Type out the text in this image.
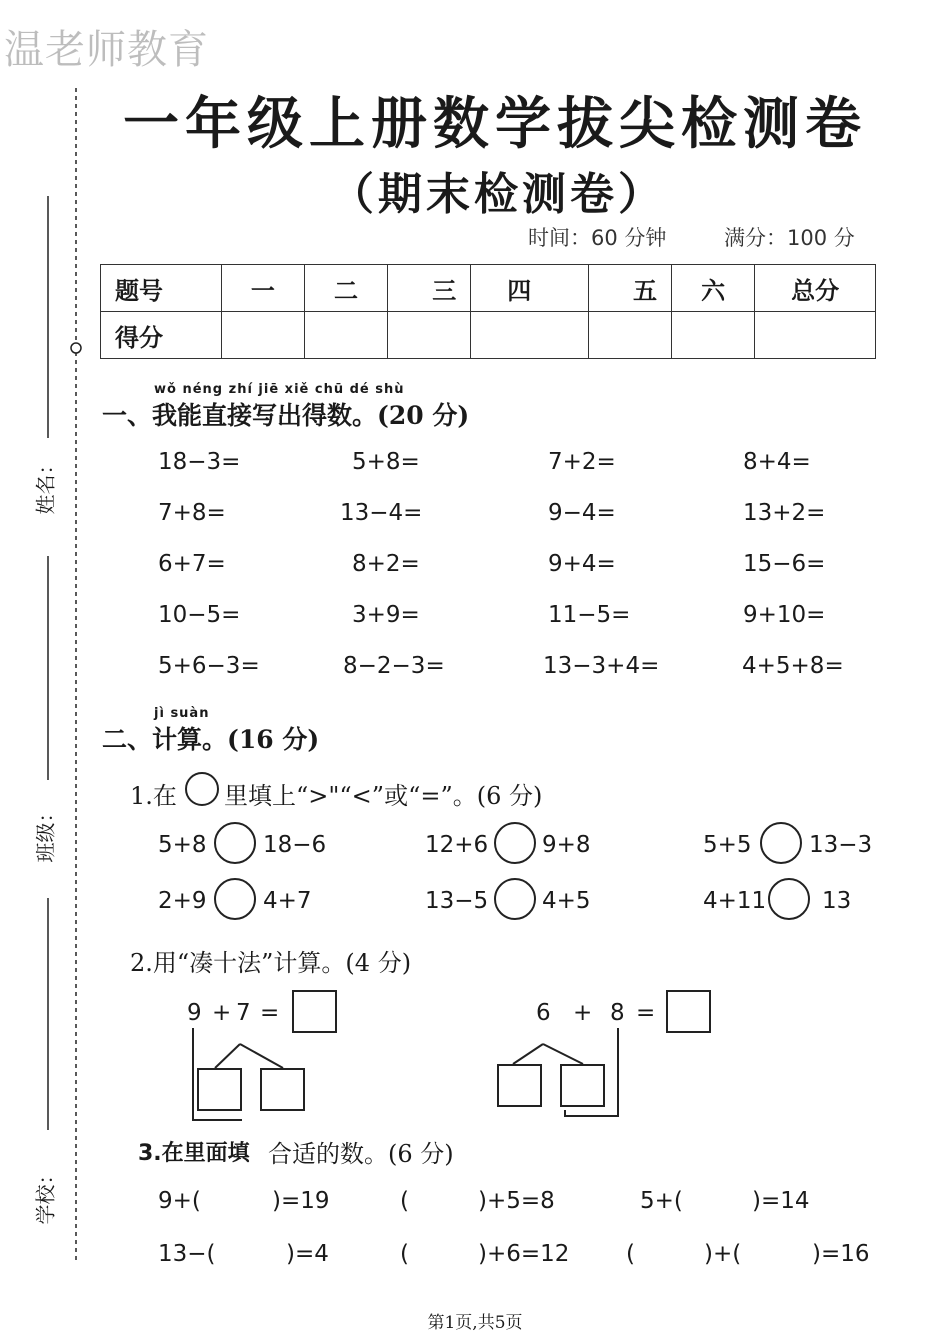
温老师教育
姓名：
班级：
学校：
一年级上册数学拔尖检测卷
（期末检测卷）
时间：60 分钟	满分：100 分
题号	一	二	三	四	五	六	总分
得分							
wǒ néng zhí jiē xiě chū dé shù
一、我能直接写出得数。(20 分)
18−3=	5+8=	7+2=	8+4=
7+8=	13−4=	9−4=	13+2=
6+7=	8+2=	9+4=	15−6=
10−5=	3+9=	11−5=	9+10=
5+6−3=	8−2−3=	13−3+4=	4+5+8=
jì suàn
二、计算。(16 分)
1.在 里填上“>"“<”或“=”。(6 分)
5+8 18−6	12+6 9+8	5+5 13−3
2+9 4+7	13−5 4+5	4+11 13
2.用“凑十法”计算。(4 分)
9 + 7 =	6 + 8 =
3.在里面填 合适的数。(6 分)
9+(	)=19	(	)+5=8	5+(	)=14
13−(	)=4	(	)+6=12 (	)+(	)=16
第1页,共5页
